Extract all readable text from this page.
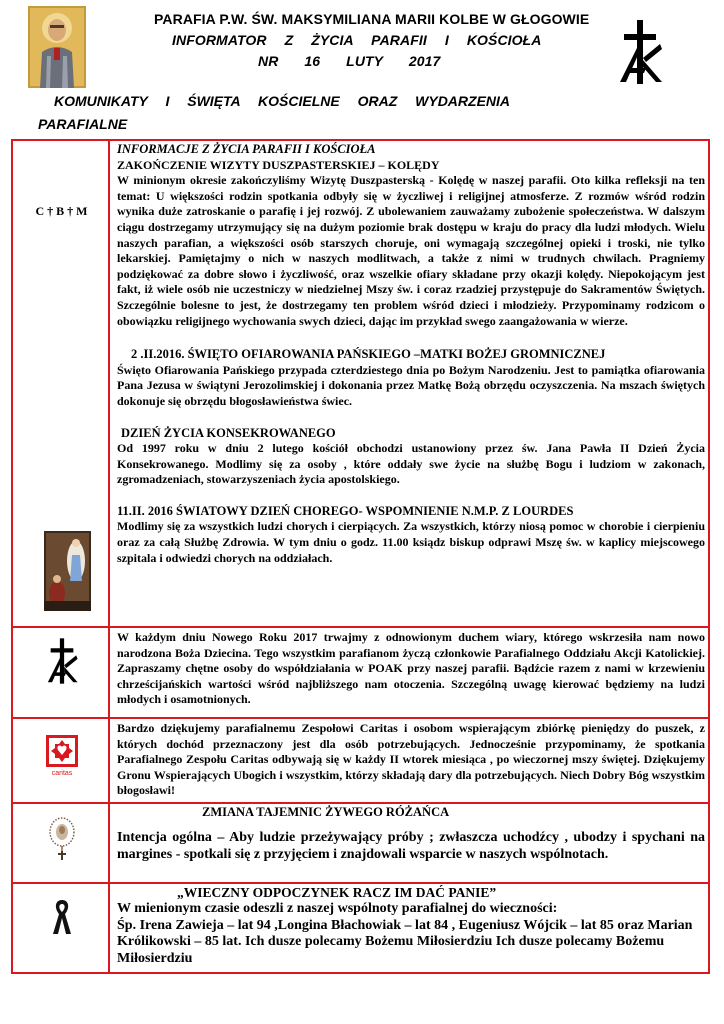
PARAFIA P.W. ŚW. MAKSYMILIANA MARII KOLBE W GŁOGOWIE
INFORMATOR Z ŻYCIA PARAFII I KOŚCIOŁA
NR 16 LUTY 2017
KOMUNIKATY I ŚWIĘTA KOŚCIELNE ORAZ WYDARZENIA
PARAFIALNE
C † B † M

INFORMACJE Z ŻYCIA PARAFII I KOŚCIOŁA

ZAKOŃCZENIE WIZYTY DUSZPASTERSKIEJ – KOLĘDY

W minionym okresie zakończyliśmy Wizytę Duszpasterską - Kolędę w naszej parafii. Oto kilka refleksji na ten temat: U większości rodzin spotkania odbyły się w życzliwej i religijnej atmosferze. Z rozmów wśród rodzin wynika duże zatroskanie o parafię i jej rozwój. Z ubolewaniem zauważamy zubożenie społeczeństwa. W dalszym ciągu dostrzegamy utrzymujący się na dużym poziomie brak dostępu w kraju do pracy dla ludzi młodych. Wielu naszych parafian, a większości osób starszych choruje, oni wymagają szczególnej opieki i troski, nie tylko lekarskiej. Pamiętajmy o nich w naszych modlitwach, a także z nimi w trudnych chwilach. Pragniemy podziękować za dobre słowo i życzliwość, oraz wszelkie ofiary składane przy okazji kolędy. Niepokojącym jest fakt, iż wiele osób nie uczestniczy w niedzielnej Mszy św. i coraz rzadziej przystępuje do Sakramentów Świętych. Szczególnie bolesne to jest, że dostrzegamy ten problem wśród dzieci i młodzieży. Przypominamy rodzicom o obowiązku religijnego wychowania swych dzieci, dając im przykład swego zaangażowania w wierze.

2 .II.2016. ŚWIĘTO OFIAROWANIA PAŃSKIEGO –MATKI BOŻEJ GROMNICZNEJ

Święto Ofiarowania Pańskiego przypada czterdziestego dnia po Bożym Narodzeniu. Jest to pamiątka ofiarowania Pana Jezusa w świątyni Jerozolimskiej i dokonania przez Matkę Bożą obrzędu oczyszczenia. Na mszach świętych dokonuje się obrzędu błogosławieństwa świec.

DZIEŃ ŻYCIA KONSEKROWANEGO

Od 1997 roku w dniu 2 lutego kościół obchodzi ustanowiony przez św. Jana Pawła II Dzień Życia Konsekrowanego. Modlimy się za osoby , które oddały swe życie na służbę Bogu i ludziom w zakonach, zgromadzeniach, stowarzyszeniach życia apostolskiego.

11.II. 2016 ŚWIATOWY DZIEŃ CHOREGO- WSPOMNIENIE N.M.P. Z LOURDES

Modlimy się za wszystkich ludzi chorych i cierpiących. Za wszystkich, którzy niosą pomoc w chorobie i cierpieniu oraz za całą Służbę Zdrowia. W tym dniu o godz. 11.00 ksiądz biskup odprawi Mszę św. w kaplicy miejscowego szpitala i odwiedzi chorych na oddziałach.

W każdym dniu Nowego Roku 2017 trwajmy z odnowionym duchem wiary, którego wskrzesiła nam nowo narodzona Boża Dziecina. Tego wszystkim parafianom życzą członkowie Parafialnego Oddziału Akcji Katolickiej. Zapraszamy chętne osoby do współdziałania w POAK przy naszej parafii. Bądźcie razem z nami w krzewieniu chrześcijańskich wartości wśród najbliższego nam otoczenia. Szczególną uwagę kierować będziemy na ludzi młodych i osamotnionych.

caritas

Bardzo dziękujemy parafialnemu Zespołowi Caritas i osobom wspierającym zbiórkę pieniędzy do puszek, z których dochód przeznaczony jest dla osób potrzebujących. Jednocześnie przypominamy, że spotkania Parafialnego Zespołu Caritas odbywają się w każdy II wtorek miesiąca , po wieczornej mszy świętej. Dziękujemy Gronu Wspierających Ubogich i wszystkim, którzy składają dary dla potrzebujących. Niech Dobry Bóg wszystkim błogosławi!

ZMIANA TAJEMNIC ŻYWEGO RÓŻAŃCA

Intencja ogólna – Aby ludzie przeżywający próby ; zwłaszcza uchodźcy , ubodzy i spychani na margines - spotkali się z przyjęciem i znajdowali wsparcie w naszych wspólnotach.

„WIECZNY ODPOCZYNEK RACZ IM DAĆ PANIE”

W mienionym czasie odeszli z naszej wspólnoty parafialnej do wieczności:

Śp. Irena Zawieja – lat 94 ,Longina Błachowiak – lat 84 , Eugeniusz Wójcik – lat 85 oraz Marian Królikowski – 85 lat. Ich dusze polecamy Bożemu Miłosierdziu Ich dusze polecamy Bożemu Miłosierdziu
